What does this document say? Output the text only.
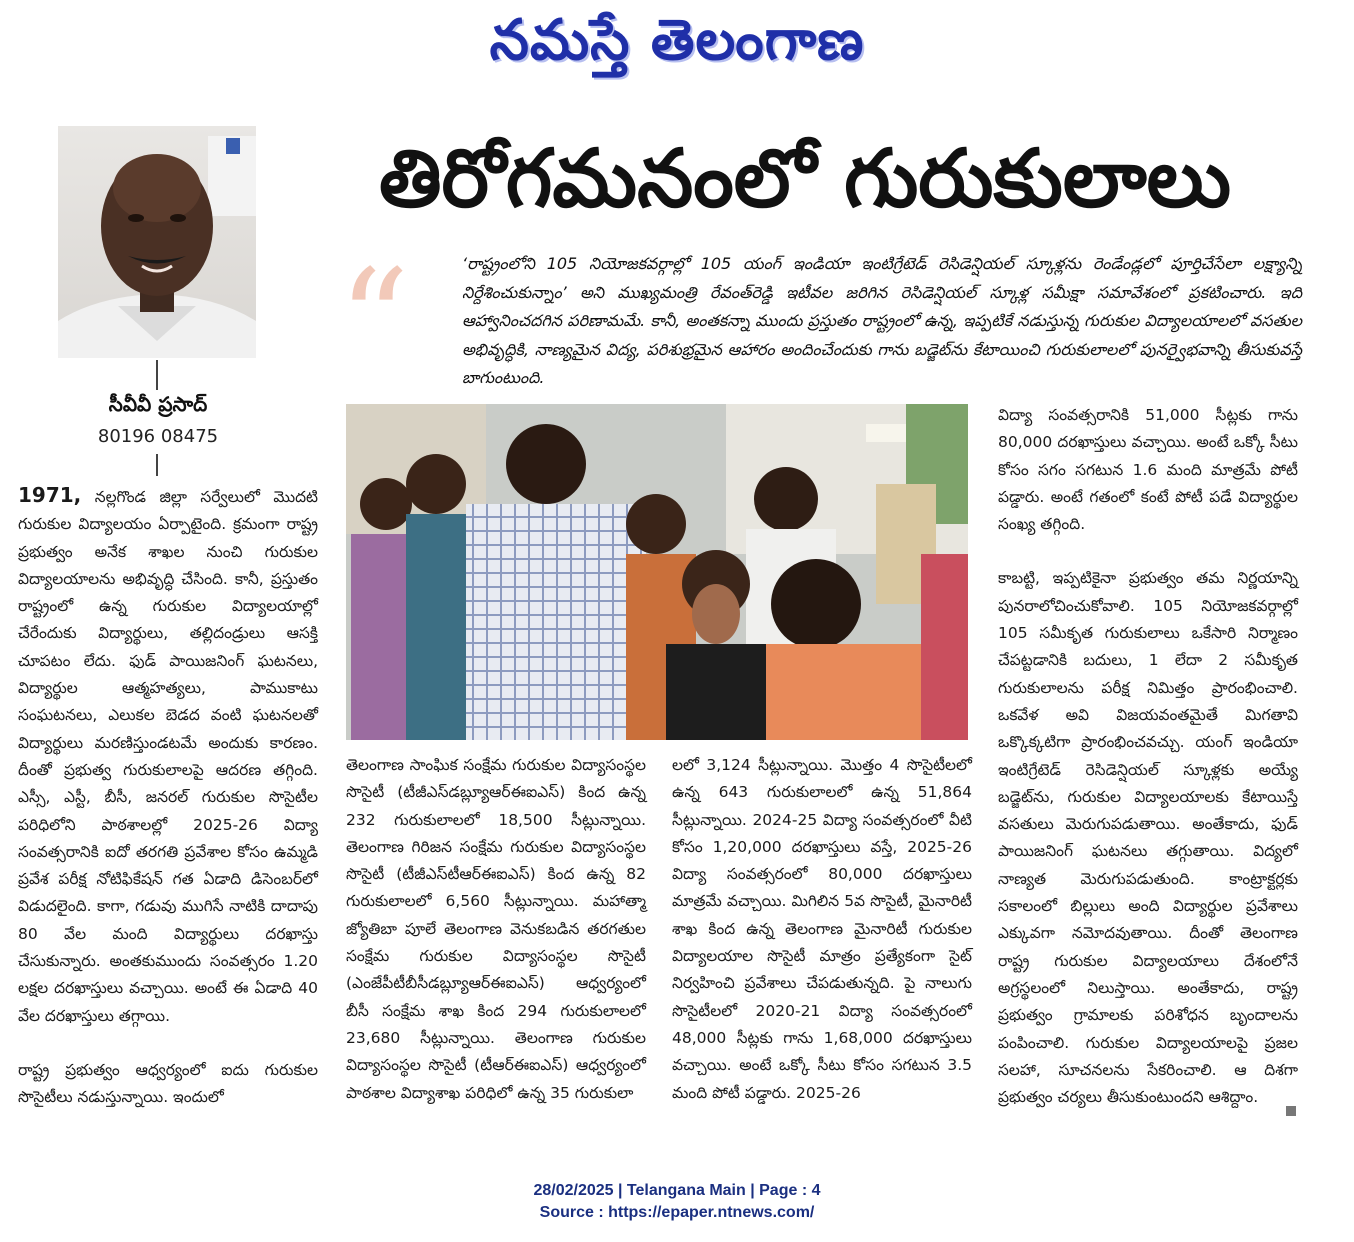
నమస్తే తెలంగాణ
తిరోగమనంలో గురుకులాలు
“	‘రాష్ట్రంలోని 105 నియోజకవర్గాల్లో 105 యంగ్‌ ఇండియా ఇంటిగ్రేటెడ్‌ రెసిడెన్షియల్‌ స్కూళ్లను రెండేండ్లలో పూర్తిచేసేలా లక్ష్యాన్ని నిర్దేశించుకున్నాం’ అని ముఖ్యమంత్రి రేవంత్‌రెడ్డి ఇటీవల జరిగిన రెసిడెన్షియల్‌ స్కూళ్ల సమీక్షా సమావేశంలో ప్రకటించారు. ఇది ఆహ్వానించదగిన పరిణామమే. కానీ, అంతకన్నా ముందు ప్రస్తుతం రాష్ట్రంలో ఉన్న, ఇప్పటికే నడుస్తున్న గురుకుల విద్యాలయాలలో వసతుల అభివృద్ధికి, నాణ్యమైన విద్య, పరిశుభ్రమైన ఆహారం అందించేందుకు గాను బడ్జెట్‌ను కేటాయించి గురుకులాలలో పునర్వైభవాన్ని తీసుకువస్తే బాగుంటుంది.
సీవీవీ ప్రసాద్‌
80196 08475

1971, నల్లగొండ జిల్లా సర్వేలులో మొదటి గురుకుల విద్యాలయం ఏర్పాటైంది. క్రమంగా రాష్ట్ర ప్రభుత్వం అనేక శాఖల నుంచి గురుకుల విద్యాలయాలను అభివృద్ధి చేసింది. కానీ, ప్రస్తుతం రాష్ట్రంలో ఉన్న గురుకుల విద్యాలయాల్లో చేరేందుకు విద్యార్థులు, తల్లిదండ్రులు ఆసక్తి చూపటం లేదు. ఫుడ్‌ పాయిజనింగ్‌ ఘటనలు, విద్యార్థుల ఆత్మహత్యలు, పాముకాటు సంఘటనలు, ఎలుకల బెడద వంటి ఘటనలతో విద్యార్థులు మరణిస్తుండటమే అందుకు కారణం. దీంతో ప్రభుత్వ గురుకులాలపై ఆదరణ తగ్గింది. ఎస్సీ, ఎస్టీ, బీసీ, జనరల్‌ గురుకుల సొసైటీల పరిధిలోని పాఠశాలల్లో 2025-26 విద్యా సంవత్సరానికి ఐదో తరగతి ప్రవేశాల కోసం ఉమ్మడి ప్రవేశ పరీక్ష నోటిఫికేషన్‌ గత ఏడాది డిసెంబర్‌లో విడుదలైంది. కాగా, గడువు ముగిసే నాటికి దాదాపు 80 వేల మంది విద్యార్థులు దరఖాస్తు చేసుకున్నారు. అంతకుముందు సంవత్సరం 1.20 లక్షల దరఖాస్తులు వచ్చాయి. అంటే ఈ ఏడాది 40 వేల దరఖాస్తులు తగ్గాయి.

రాష్ట్ర ప్రభుత్వం ఆధ్వర్యంలో ఐదు గురుకుల సొసైటీలు నడుస్తున్నాయి. ఇందులో

తెలంగాణ సాంఘిక సంక్షేమ గురుకుల విద్యాసంస్థల సొసైటీ (టీజీఎస్‌డబ్ల్యూఆర్‌ఈఐఎస్‌) కింద ఉన్న 232 గురుకులాలలో 18,500 సీట్లున్నాయి. తెలంగాణ గిరిజన సంక్షేమ గురుకుల విద్యాసంస్థల సొసైటీ (టీజీఎస్‌టీఆర్‌ఈఐఎస్‌) కింద ఉన్న 82 గురుకులాలలో 6,560 సీట్లున్నాయి. మహాత్మా జ్యోతిబా పూలే తెలంగాణ వెనుకబడిన తరగతుల సంక్షేమ గురుకుల విద్యాసంస్థల సొసైటీ (ఎంజేపీటీబీసీడబ్ల్యూఆర్‌ఈఐఎస్‌) ఆధ్వర్యంలో బీసీ సంక్షేమ శాఖ కింద 294 గురుకులాలలో 23,680 సీట్లున్నాయి. తెలంగాణ గురుకుల విద్యాసంస్థల సొసైటీ (టీఆర్‌ఈఐఎస్‌) ఆధ్వర్యంలో పాఠశాల విద్యాశాఖ పరిధిలో ఉన్న 35 గురుకులా

లలో 3,124 సీట్లున్నాయి. మొత్తం 4 సొసైటీలలో ఉన్న 643 గురుకులాలలో ఉన్న 51,864 సీట్లున్నాయి. 2024-25 విద్యా సంవత్సరంలో వీటి కోసం 1,20,000 దరఖాస్తులు వస్తే, 2025-26 విద్యా సంవత్సరంలో 80,000 దరఖాస్తులు మాత్రమే వచ్చాయి. మిగిలిన 5వ సొసైటీ, మైనారిటీ శాఖ కింద ఉన్న తెలంగాణ మైనారిటీ గురుకుల విద్యాలయాల సొసైటీ మాత్రం ప్రత్యేకంగా సైట్‌ నిర్వహించి ప్రవేశాలు చేపడుతున్నది. పై నాలుగు సొసైటీలలో 2020-21 విద్యా సంవత్సరంలో 48,000 సీట్లకు గాను 1,68,000 దరఖాస్తులు వచ్చాయి. అంటే ఒక్కో సీటు కోసం సగటున 3.5 మంది పోటీ పడ్డారు. 2025-26

విద్యా సంవత్సరానికి 51,000 సీట్లకు గాను 80,000 దరఖాస్తులు వచ్చాయి. అంటే ఒక్కో సీటు కోసం సగం సగటున 1.6 మంది మాత్రమే పోటీ పడ్డారు. అంటే గతంలో కంటే పోటీ పడే విద్యార్థుల సంఖ్య తగ్గింది.

కాబట్టి, ఇప్పటికైనా ప్రభుత్వం తమ నిర్ణయాన్ని పునరాలోచించుకోవాలి. 105 నియోజకవర్గాల్లో 105 సమీకృత గురుకులాలు ఒకేసారి నిర్మాణం చేపట్టడానికి బదులు, 1 లేదా 2 సమీకృత గురుకులాలను పరీక్ష నిమిత్తం ప్రారంభించాలి. ఒకవేళ అవి విజయవంతమైతే మిగతావి ఒక్కొక్కటిగా ప్రారంభించవచ్చు. యంగ్‌ ఇండియా ఇంటిగ్రేటెడ్‌ రెసిడెన్షియల్‌ స్కూళ్లకు అయ్యే బడ్జెట్‌ను, గురుకుల విద్యాలయాలకు కేటాయిస్తే వసతులు మెరుగుపడుతాయి. అంతేకాదు, ఫుడ్‌ పాయిజనింగ్‌ ఘటనలు తగ్గుతాయి. విద్యలో నాణ్యత మెరుగుపడుతుంది. కాంట్రాక్టర్లకు సకాలంలో బిల్లులు అంది విద్యార్థుల ప్రవేశాలు ఎక్కువగా నమోదవుతాయి. దీంతో తెలంగాణ రాష్ట్ర గురుకుల విద్యాలయాలు దేశంలోనే అగ్రస్థలంలో నిలుస్తాయి. అంతేకాదు, రాష్ట్ర ప్రభుత్వం గ్రామాలకు పరిశోధన బృందాలను పంపించాలి. గురుకుల విద్యాలయాలపై ప్రజల సలహా, సూచనలను సేకరించాలి. ఆ దిశగా ప్రభుత్వం చర్యలు తీసుకుంటుందని ఆశిద్దాం.

28/02/2025 | Telangana Main | Page : 4
Source : https://epaper.ntnews.com/
